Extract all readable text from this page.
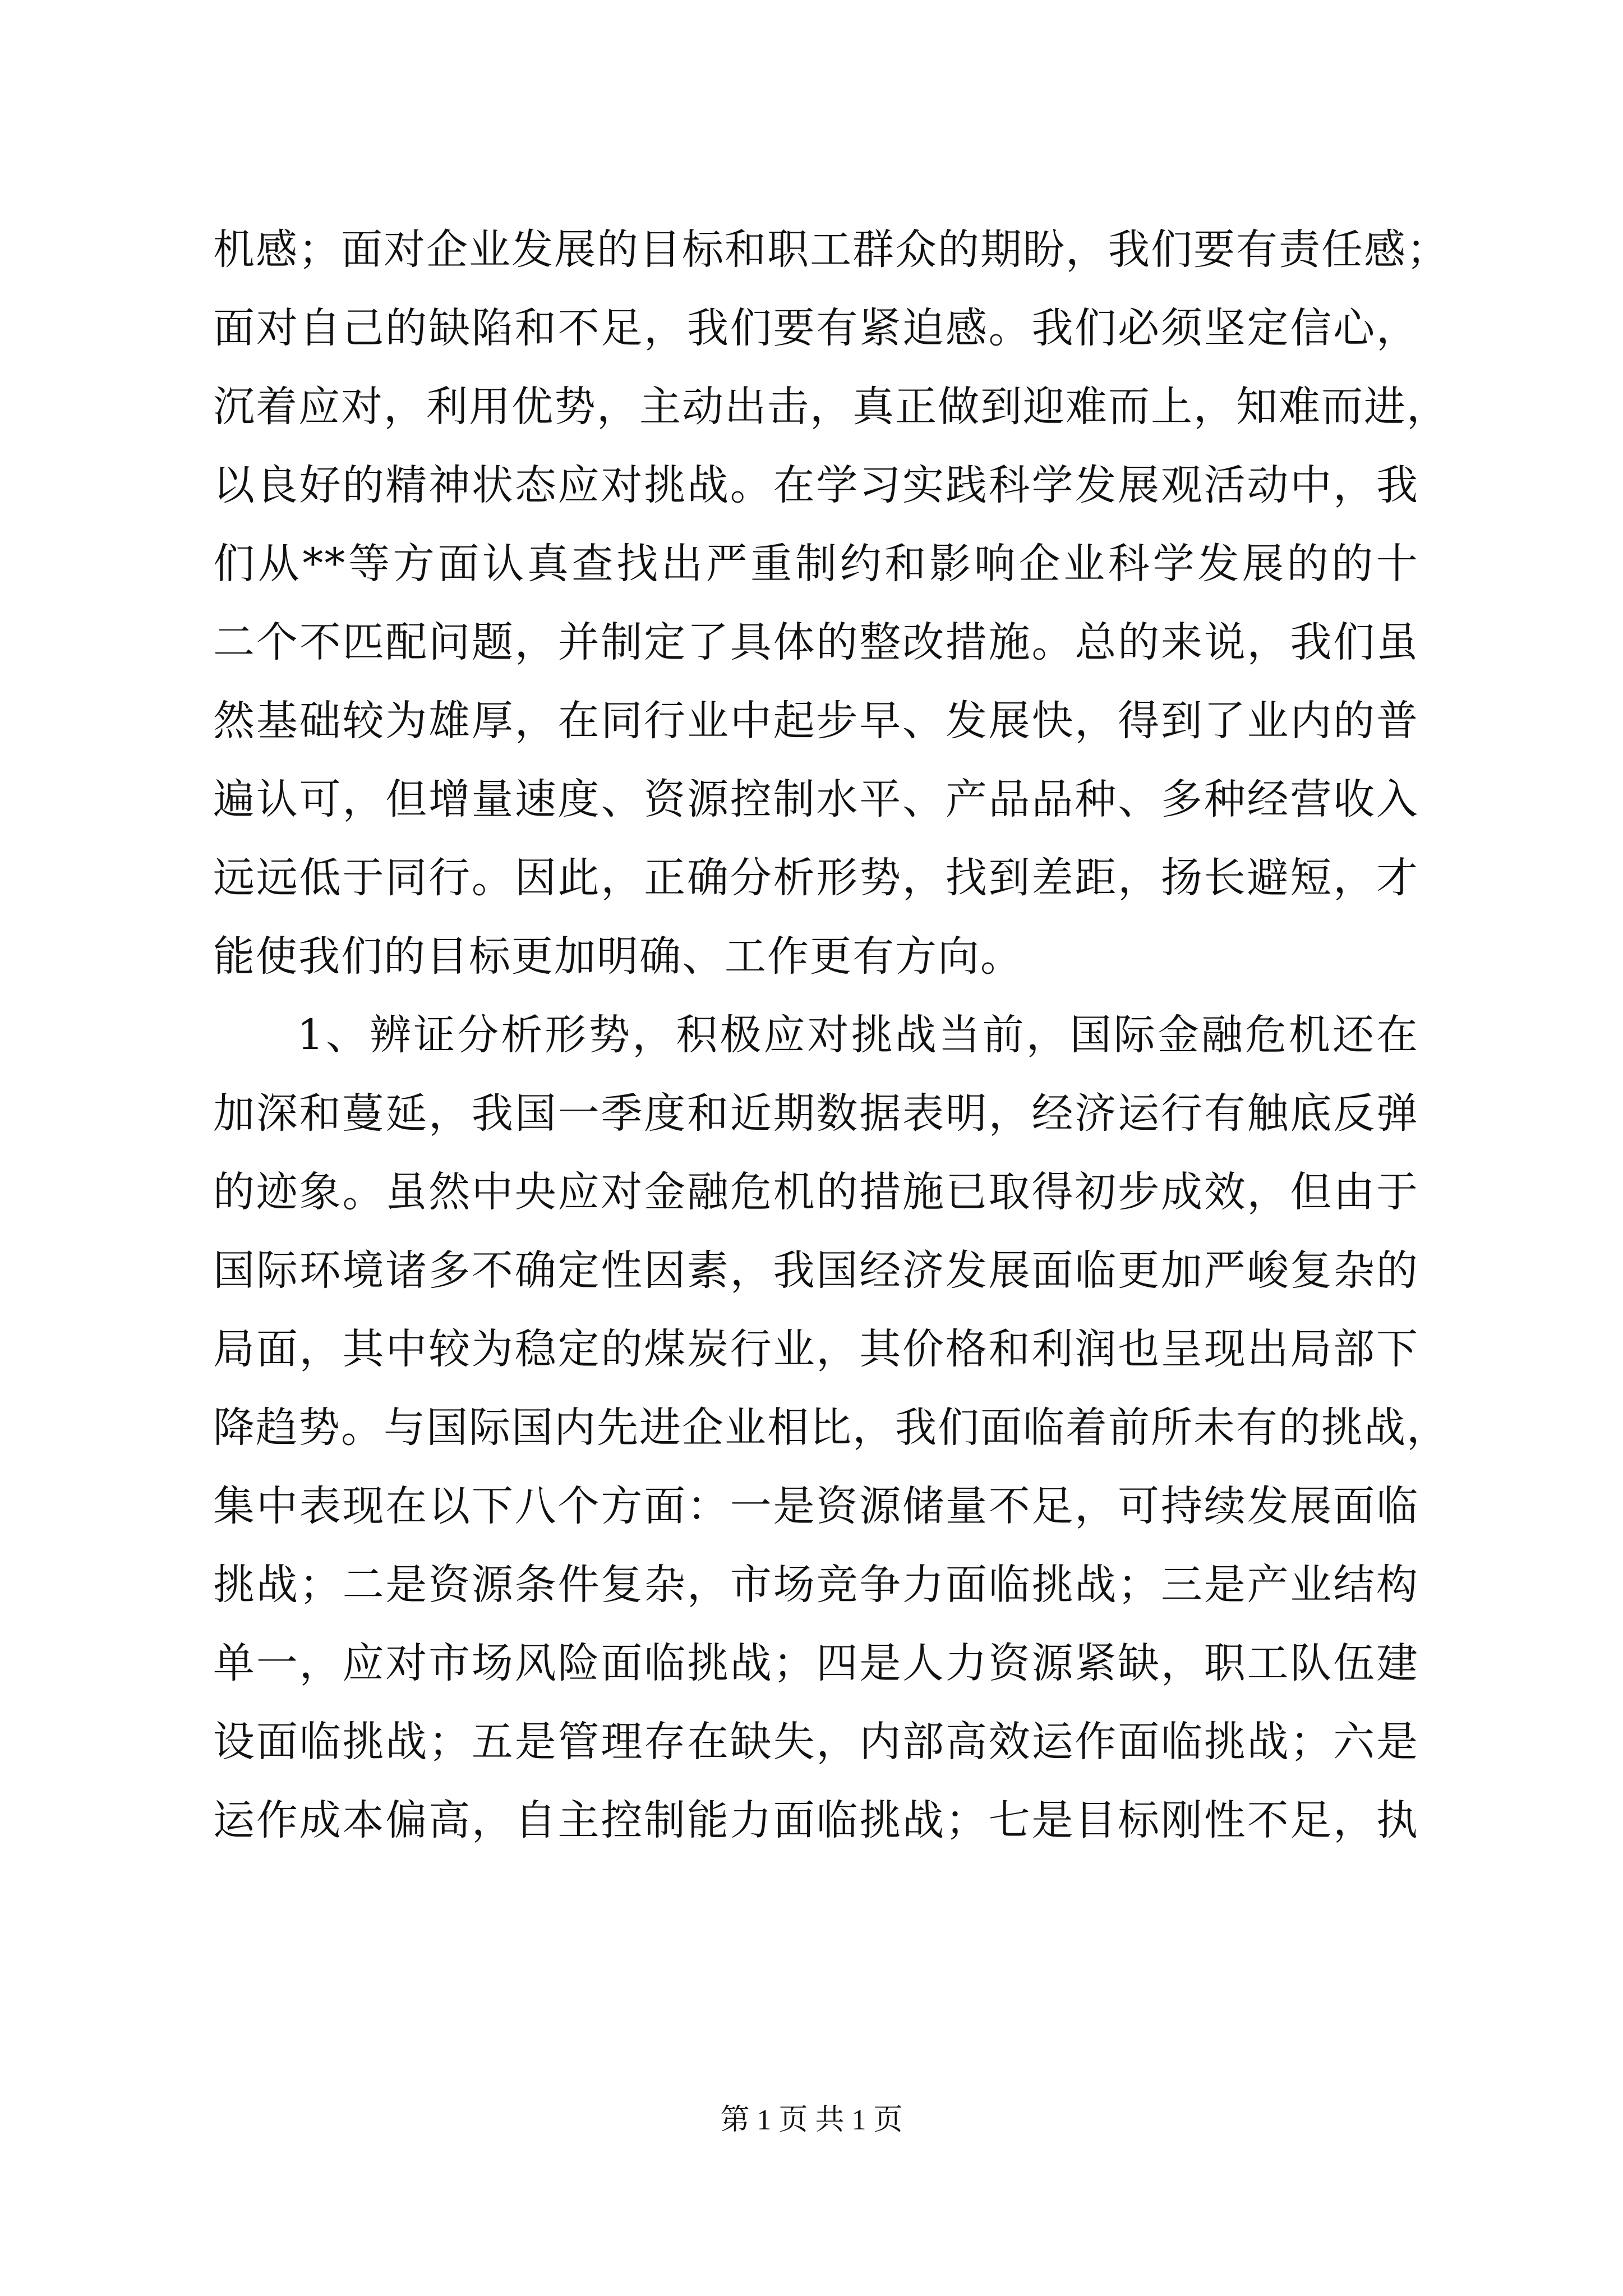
机感；面对企业发展的目标和职工群众的期盼，我们要有责任感；
面对自己的缺陷和不足，我们要有紧迫感。我们必须坚定信心，
沉着应对，利用优势，主动出击，真正做到迎难而上，知难而进，
以良好的精神状态应对挑战。在学习实践科学发展观活动中，我
们从**等方面认真查找出严重制约和影响企业科学发展的的十
二个不匹配问题，并制定了具体的整改措施。总的来说，我们虽
然基础较为雄厚，在同行业中起步早、发展快，得到了业内的普
遍认可，但增量速度、资源控制水平、产品品种、多种经营收入
远远低于同行。因此，正确分析形势，找到差距，扬长避短，才
能使我们的目标更加明确、工作更有方向。
1、辨证分析形势，积极应对挑战当前，国际金融危机还在
加深和蔓延，我国一季度和近期数据表明，经济运行有触底反弹
的迹象。虽然中央应对金融危机的措施已取得初步成效，但由于
国际环境诸多不确定性因素，我国经济发展面临更加严峻复杂的
局面，其中较为稳定的煤炭行业，其价格和利润也呈现出局部下
降趋势。与国际国内先进企业相比，我们面临着前所未有的挑战，
集中表现在以下八个方面：一是资源储量不足，可持续发展面临
挑战；二是资源条件复杂，市场竞争力面临挑战；三是产业结构
单一，应对市场风险面临挑战；四是人力资源紧缺，职工队伍建
设面临挑战；五是管理存在缺失，内部高效运作面临挑战；六是
运作成本偏高，自主控制能力面临挑战；七是目标刚性不足，执
第 1 页 共 1 页
